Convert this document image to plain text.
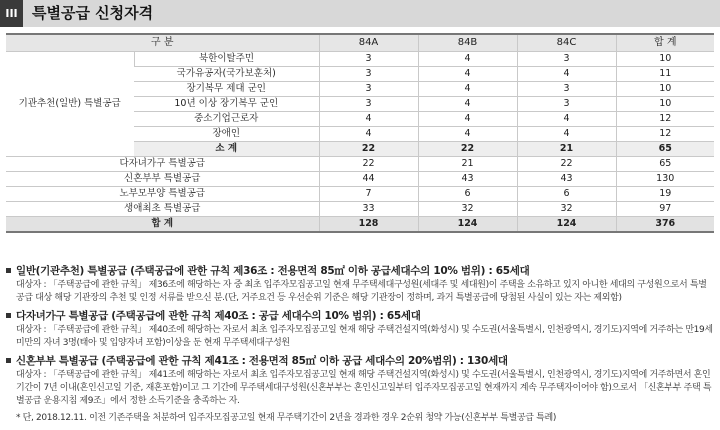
III 특별공급 신청자격
구 분		84A	84B	84C	합 계
기관추천(일반) 특별공급	북한이탈주민	3	4	3	10
	국가유공자(국가보훈처)	3	4	4	11
	장기복무 제대 군인	3	4	3	10
	10년 이상 장기복무 군인	3	4	3	10
	중소기업근로자	4	4	4	12
	장애인	4	4	4	12
	소 계	22	22	21	65
다자녀가구 특별공급		22	21	22	65
신혼부부 특별공급		44	43	43	130
노부모부양 특별공급		7	6	6	19
생애최초 특별공급		33	32	32	97
합 계		128	124	124	376
일반(기관추천) 특별공급 (주택공급에 관한 규칙 제36조 : 전용면적 85㎡ 이하 공급세대수의 10% 범위) : 65세대
대상자 : 「주택공급에 관한 규칙」 제36조에 해당하는 자 중 최초 입주자모집공고일 현재 무주택세대구성원(세대주 및 세대원)이 주택을 소유하고 있지 아니한 세대의 구성원으로서 특별공급 대상 해당 기관장의 추천 및 인정 서류를 받으신 분.(단, 거주요건 등 우선순위 기준은 해당 기관장이 정하며, 과거 특별공급에 당첨된 사실이 있는 자는 제외함)
다자녀가구 특별공급 (주택공급에 관한 규칙 제40조 : 공급 세대수의 10% 범위) : 65세대
대상자 : 「주택공급에 관한 규칙」 제40조에 해당하는 자로서 최초 입주자모집공고일 현재 해당 주택건설지역(화성시) 및 수도권(서울특별시, 인천광역시, 경기도)지역에 거주하는 만19세 미만의 자녀 3명(태아 및 입양자녀 포함)이상을 둔 현재 무주택세대구성원
신혼부부 특별공급 (주택공급에 관한 규칙 제41조 : 전용면적 85㎡ 이하 공급 세대수의 20%범위) : 130세대
대상자 : 「주택공급에 관한 규칙」 제41조에 해당하는 자로서 최초 입주자모집공고일 현재 해당 주택건설지역(화성시) 및 수도권(서울특별시, 인천광역시, 경기도)지역에 거주하면서 혼인 기간이 7년 이내(혼인신고일 기준, 재혼포함)이고 그 기간에 무주택세대구성원(신혼부부는 혼인신고일부터 입주자모집공고일 현재까지 계속 무주택자이어야 함)으로서 「신혼부부 주택 특별공급 운용지침 제9조」에서 정한 소득기준을 충족하는 자.
* 단, 2018.12.11. 이전 기존주택을 처분하여 입주자모집공고일 현재 무주택기간이 2년을 경과한 경우 2순위 청약 가능(신혼부부 특별공급 특례)
